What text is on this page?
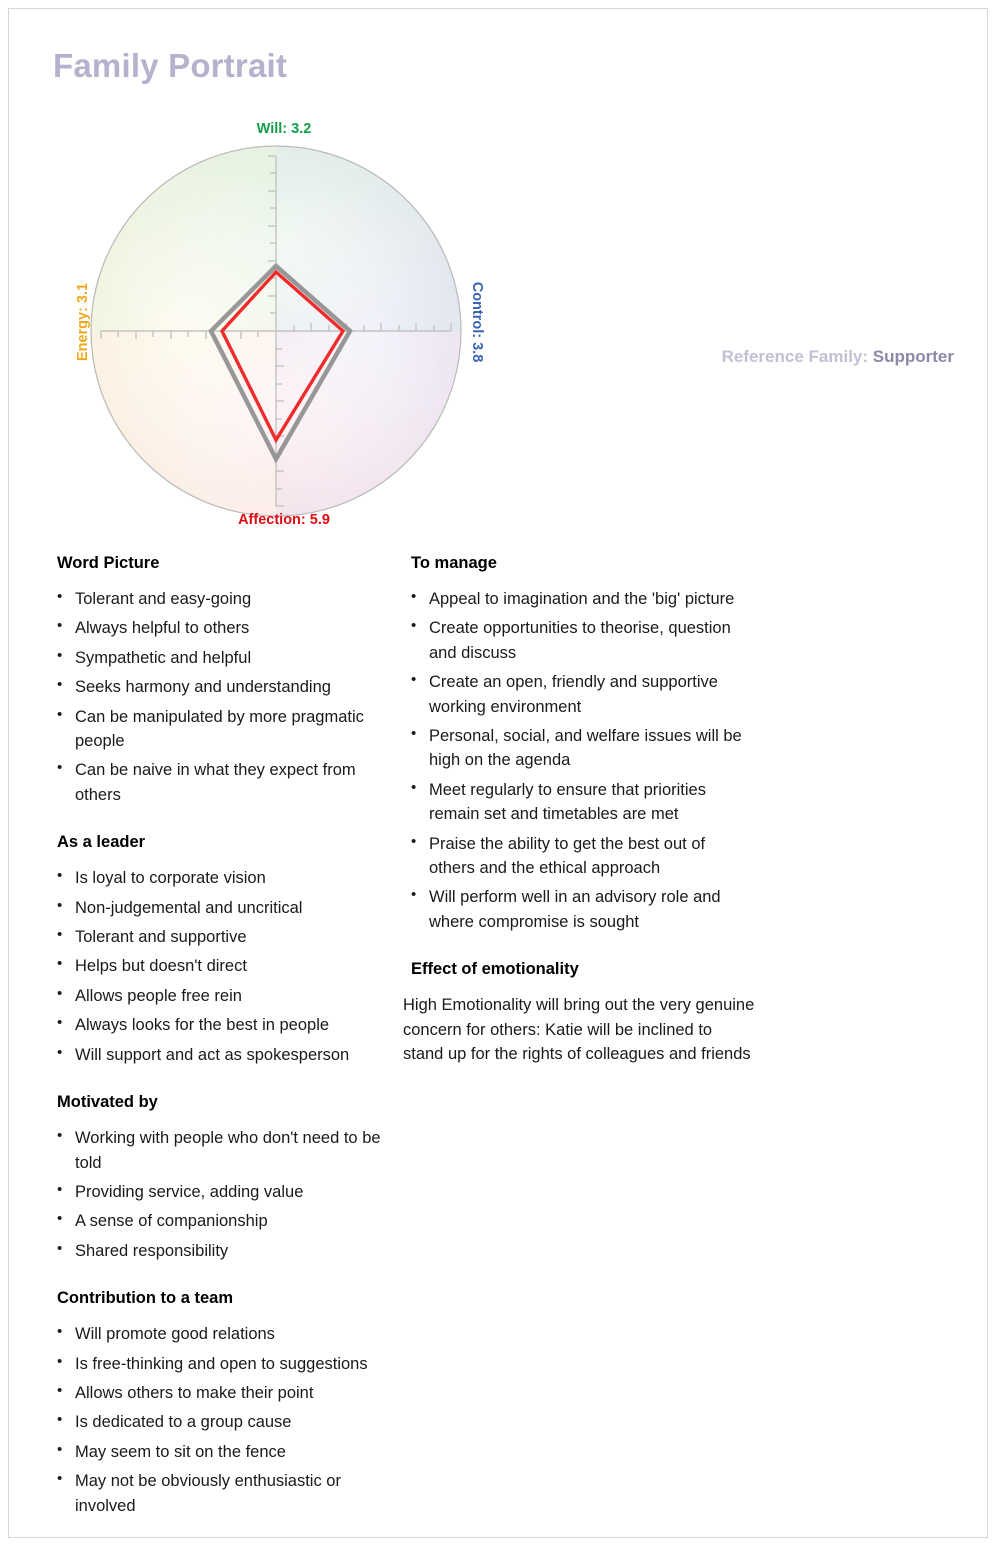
Family Portrait
Will: 3.2
Control: 3.8
Affection: 5.9
Energy: 3.1	Reference Family: Supporter
Word Picture
• Tolerant and easy-going
• Always helpful to others
• Sympathetic and helpful
• Seeks harmony and understanding
• Can be manipulated by more pragmatic people
• Can be naive in what they expect from others
As a leader
• Is loyal to corporate vision
• Non-judgemental and uncritical
• Tolerant and supportive
• Helps but doesn't direct
• Allows people free rein
• Always looks for the best in people
• Will support and act as spokesperson
Motivated by
• Working with people who don't need to be told
• Providing service, adding value
• A sense of companionship
• Shared responsibility
Contribution to a team
• Will promote good relations
• Is free-thinking and open to suggestions
• Allows others to make their point
• Is dedicated to a group cause
• May seem to sit on the fence
• May not be obviously enthusiastic or involved
To manage
• Appeal to imagination and the 'big' picture
• Create opportunities to theorise, question and discuss
• Create an open, friendly and supportive working environment
• Personal, social, and welfare issues will be high on the agenda
• Meet regularly to ensure that priorities remain set and timetables are met
• Praise the ability to get the best out of others and the ethical approach
• Will perform well in an advisory role and where compromise is sought
Effect of emotionality

High Emotionality will bring out the very genuine concern for others: Katie will be inclined to stand up for the rights of colleagues and friends
